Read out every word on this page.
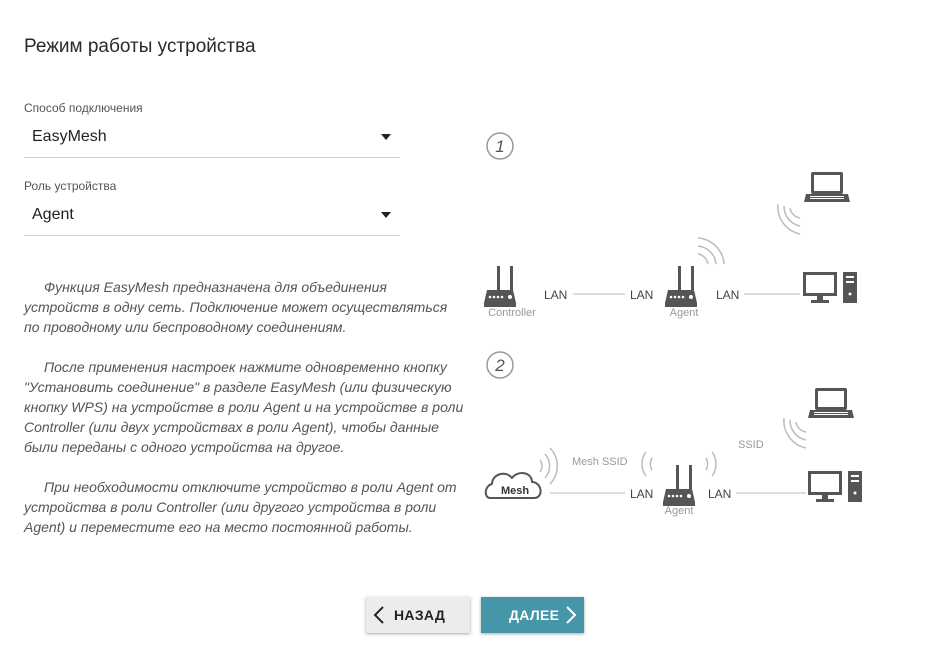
Режим работы устройства
Способ подключения
EasyMesh
Роль устройства
Agent

Функция EasyMesh предназначена для объединения устройств в одну сеть. Подключение может осуществляться по проводному или беспроводному соединениям.

После применения настроек нажмите одновременно кнопку "Установить соединение" в разделе EasyMesh (или физическую кнопку WPS) на устройстве в роли Agent и на устройстве в роли Controller (или двух устройствах в роли Agent), чтобы данные были переданы с одного устройства на другое.

При необходимости отключите устройство в роли Agent от устройства в роли Controller (или другого устройства в роли Agent) и переместите его на место постоянной работы.

1
Controller
LAN	LAN
Agent
LAN
2
SSID
Mesh
Mesh SSID
LAN
Agent
LAN
НАЗАД	ДАЛЕЕ
